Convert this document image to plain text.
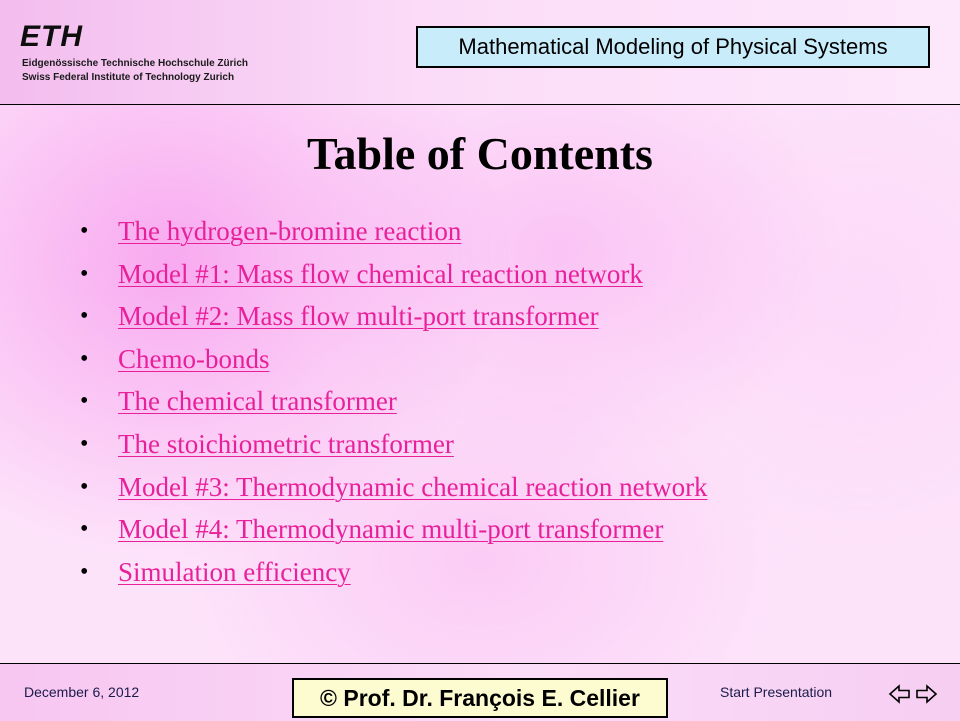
ETH
Eidgenössische Technische Hochschule Zürich
Swiss Federal Institute of Technology Zurich
Mathematical Modeling of Physical Systems
Table of Contents
• The hydrogen-bromine reaction
• Model #1: Mass flow chemical reaction network
• Model #2: Mass flow multi-port transformer
• Chemo-bonds
• The chemical transformer
• The stoichiometric transformer
• Model #3: Thermodynamic chemical reaction network
• Model #4: Thermodynamic multi-port transformer
• Simulation efficiency
December 6, 2012	© Prof. Dr. François E. Cellier	Start Presentation
